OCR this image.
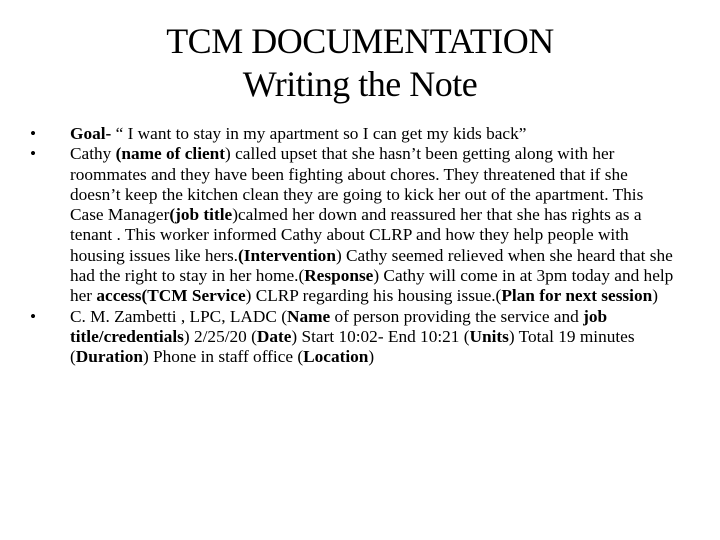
TCM DOCUMENTATION
Writing the Note
•	Goal- “ I want to stay in my apartment so I can get my kids back”
•	Cathy (name of client) called upset that she hasn’t been getting along with her roommates and they have been fighting about chores. They threatened that if she doesn’t keep the kitchen clean they are going to kick her out of the apartment. This Case Manager(job title)calmed her down and reassured her that she has rights as a tenant . This worker informed Cathy about CLRP and how they help people with housing issues like hers.(Intervention) Cathy seemed relieved when she heard that she had the right to stay in her home.(Response) Cathy will come in at 3pm today and help her access(TCM Service) CLRP regarding his housing issue.(Plan for next session)
•	C. M. Zambetti , LPC, LADC (Name of person providing the service and job title/credentials) 2/25/20 (Date) Start 10:02- End 10:21 (Units) Total 19 minutes (Duration) Phone in staff office (Location)
